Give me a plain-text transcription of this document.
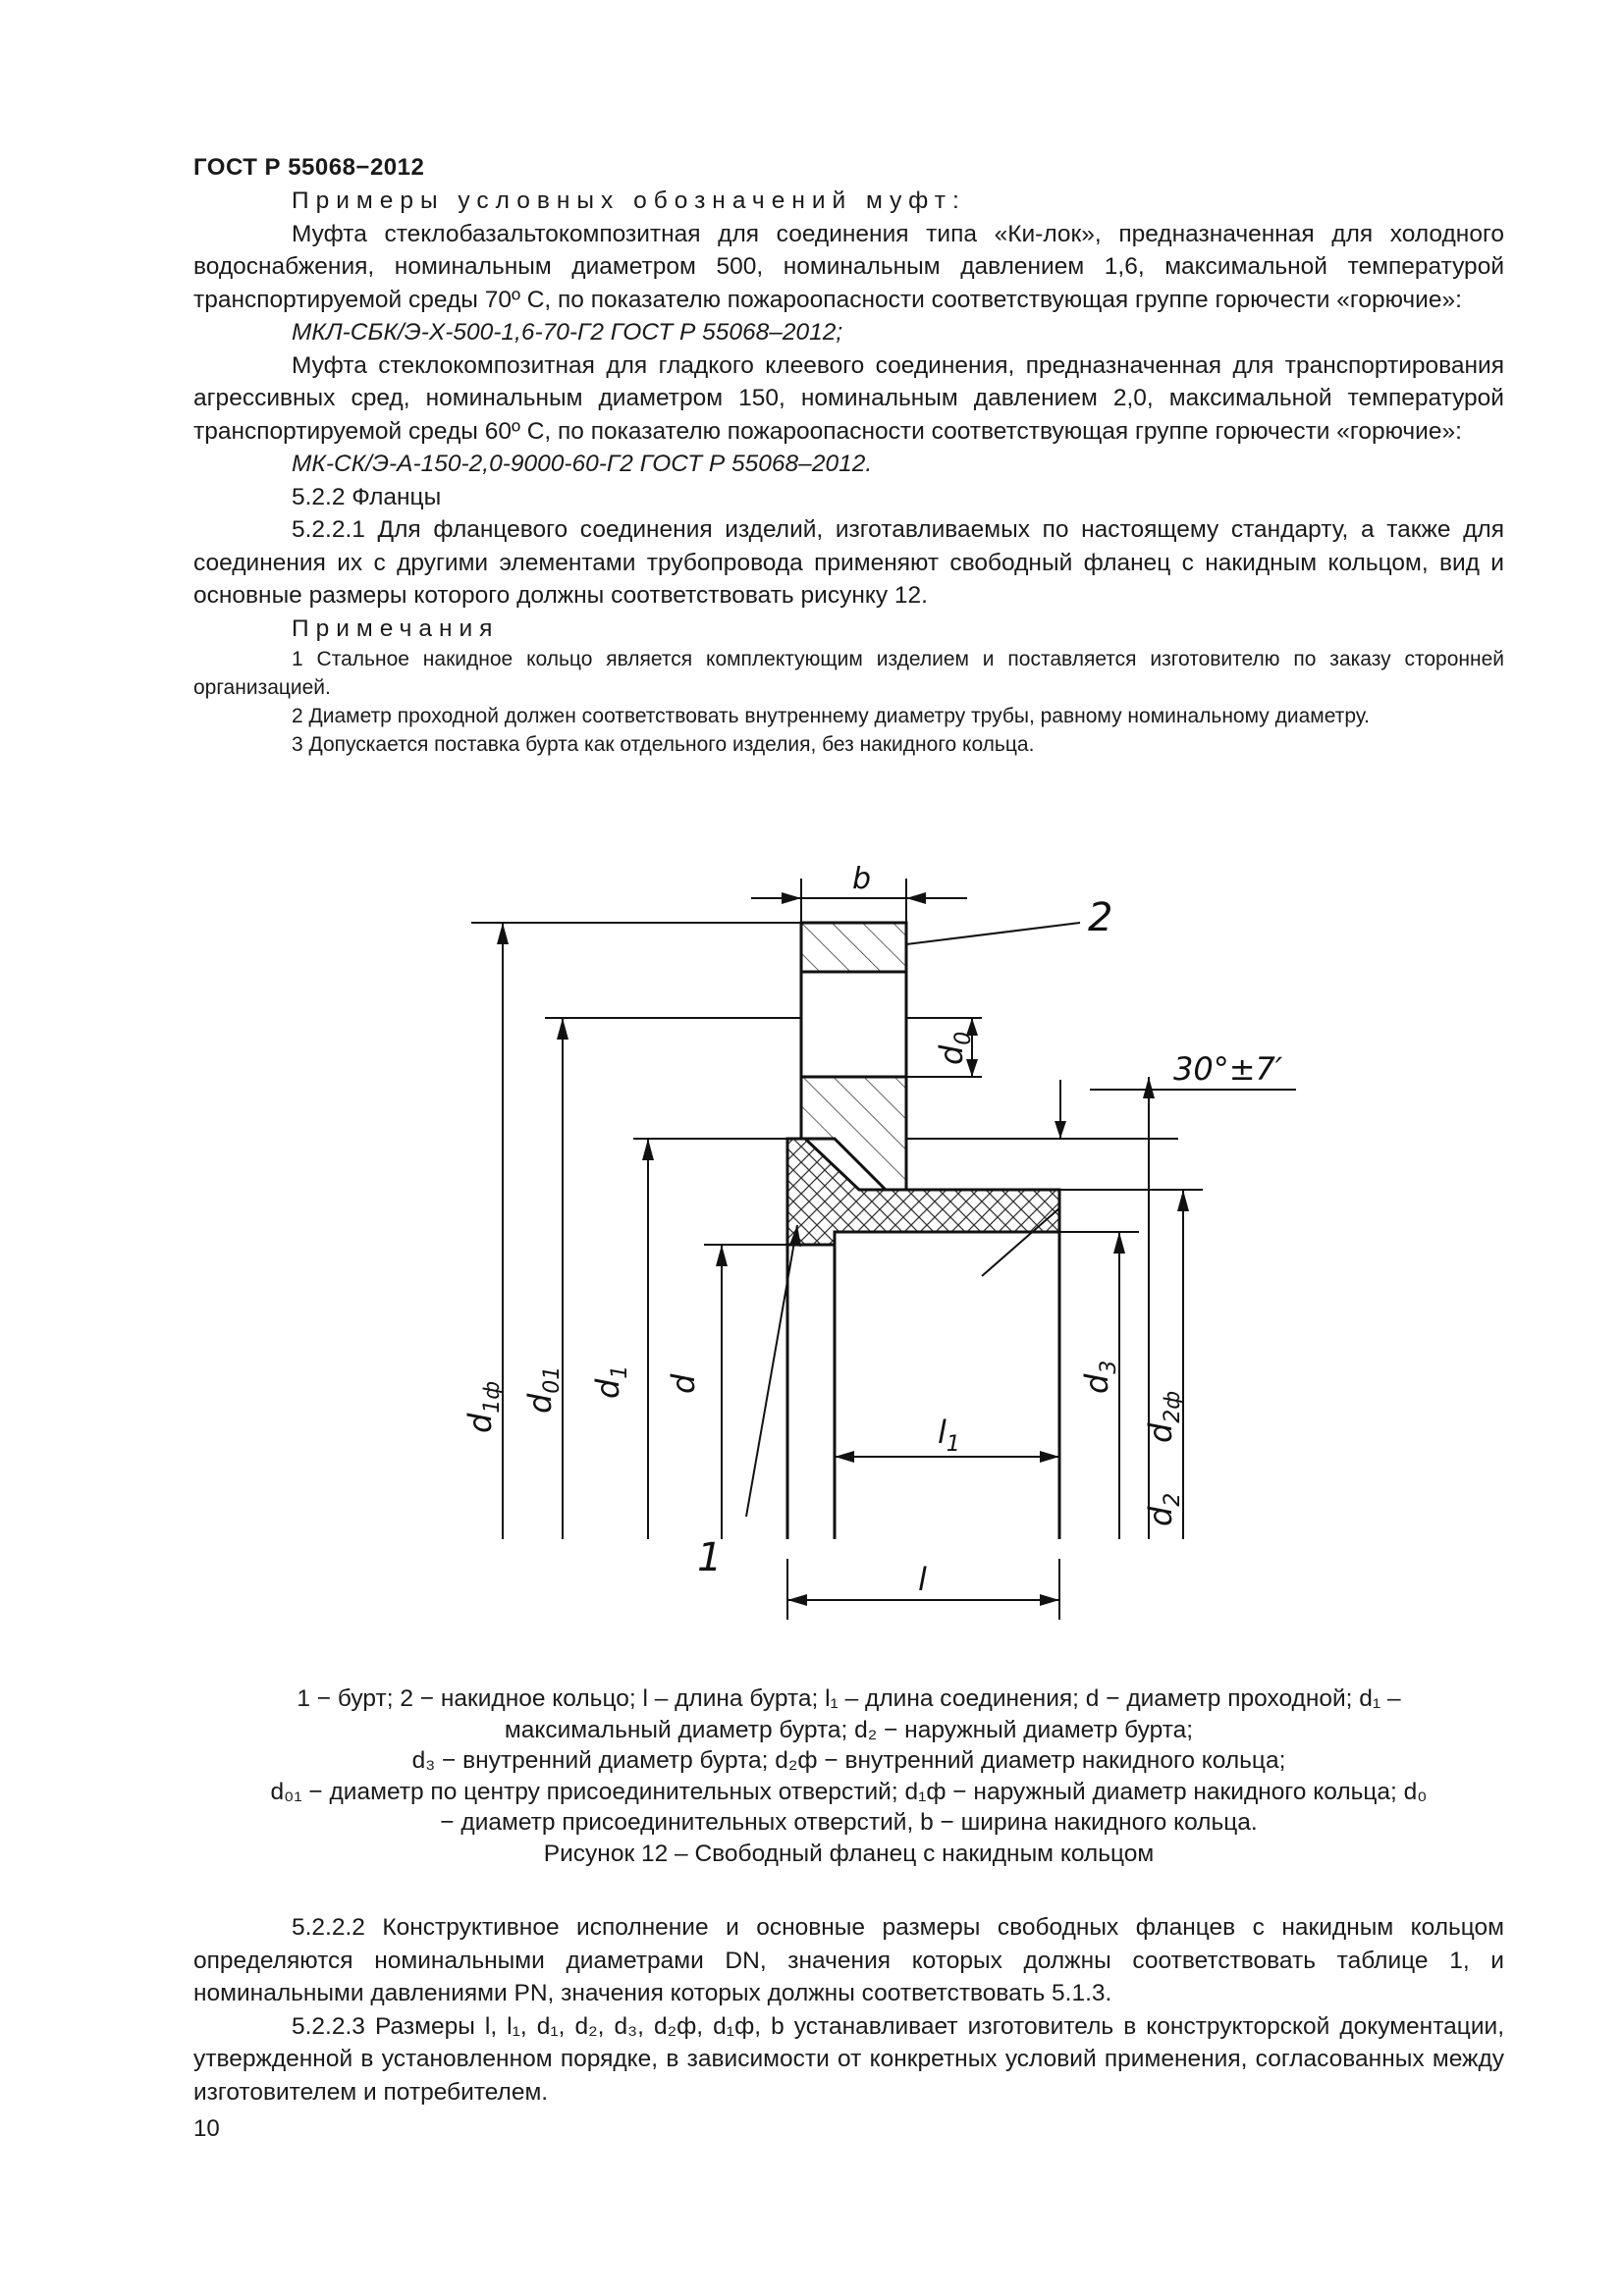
ГОСТ Р 55068−2012

Примеры условных обозначений муфт:

Муфта стеклобазальтокомпозитная для соединения типа «Ки-лок», предназначенная для холодного водоснабжения, номинальным диаметром 500, номинальным давлением 1,6, максимальной температурой транспортируемой среды 70º С, по показателю пожароопасности соответствующая группе горючести «горючие»:

МКЛ-СБК/Э-Х-500-1,6-70-Г2 ГОСТ Р 55068–2012;

Муфта стеклокомпозитная для гладкого клеевого соединения, предназначенная для транспортирования агрессивных сред, номинальным диаметром 150, номинальным давлением 2,0, максимальной температурой транспортируемой среды 60º С, по показателю пожароопасности соответствующая группе горючести «горючие»:

МК-СК/Э-А-150-2,0-9000-60-Г2 ГОСТ Р 55068–2012.

5.2.2 Фланцы

5.2.2.1 Для фланцевого соединения изделий, изготавливаемых по настоящему стандарту, а также для соединения их с другими элементами трубопровода применяют свободный фланец с накидным кольцом, вид и основные размеры которого должны соответствовать рисунку 12.

Примечания

1 Стальное накидное кольцо является комплектующим изделием и поставляется изготовителю по заказу сторонней организацией.

2 Диаметр проходной должен соответствовать внутреннему диаметру трубы, равному номинальному диаметру.

3 Допускается поставка бурта как отдельного изделия, без накидного кольца.

b
2
1
30°±7′
$d_0$
$d_{1ф}$ $d_{01}$ $d_1$
d	$d_3$
$d_{2ф}$
$d_2$
$l_1$
l

1 − бурт; 2 − накидное кольцо; l – длина бурта; l₁ – длина соединения; d − диаметр проходной; d₁ –

максимальный диаметр бурта; d₂ − наружный диаметр бурта;

d₃ − внутренний диаметр бурта; d₂ф − внутренний диаметр накидного кольца;

d₀₁ − диаметр по центру присоединительных отверстий; d₁ф − наружный диаметр накидного кольца; d₀

− диаметр присоединительных отверстий, b − ширина накидного кольца.

Рисунок 12 – Свободный фланец с накидным кольцом

5.2.2.2 Конструктивное исполнение и основные размеры свободных фланцев с накидным кольцом определяются номинальными диаметрами DN, значения которых должны соответствовать таблице 1, и номинальными давлениями PN, значения которых должны соответствовать 5.1.3.

5.2.2.3 Размеры l, l₁, d₁, d₂, d₃, d₂ф, d₁ф, b устанавливает изготовитель в конструкторской документации, утвержденной в установленном порядке, в зависимости от конкретных условий применения, согласованных между изготовителем и потребителем.

10
